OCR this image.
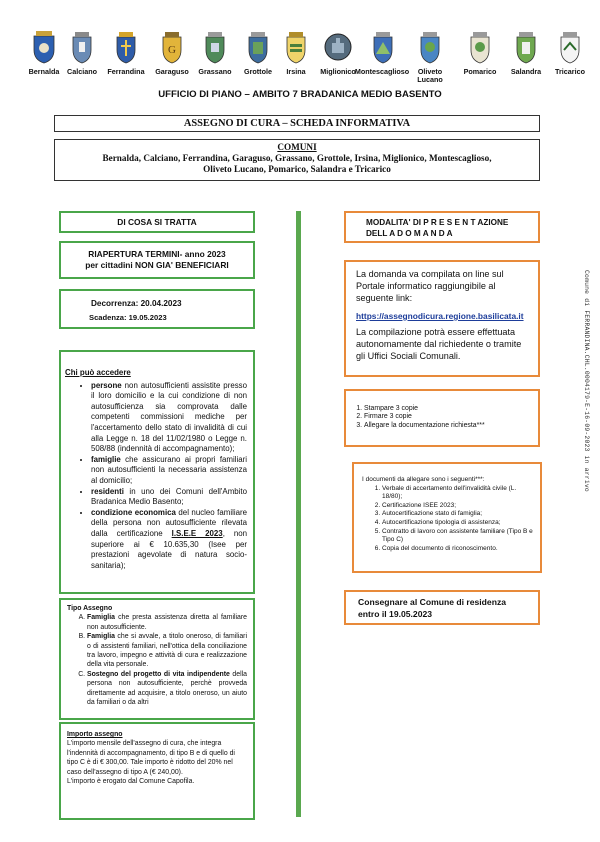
G
Bernalda	Calciano	Ferrandina	Garaguso	Grassano	Grottole	Irsina	Miglionico Montescaglioso	Oliveto Lucano
Pomarico	Salandra	Tricarico
UFFICIO DI PIANO – AMBITO 7 BRADANICA MEDIO BASENTO
ASSEGNO DI CURA – SCHEDA INFORMATIVA
COMUNI
Bernalda, Calciano, Ferrandina, Garaguso, Grassano, Grottole, Irsina, Miglionico, Montescaglioso,
Oliveto Lucano, Pomarico, Salandra e Tricarico
DI COSA SI TRATTA
RIAPERTURA TERMINI- anno 2023
per cittadini NON GIA' BENEFICIARI
Decorrenza: 20.04.2023
Scadenza: 19.05.2023
Chi può accedere
• persone non autosufficienti assistite presso il loro domicilio e la cui condizione di non autosufficienza sia comprovata dalle competenti commissioni mediche per l'accertamento dello stato di invalidità di cui alla Legge n. 18 del 11/02/1980 o Legge n. 508/88 (indennità di accompagnamento);
• famiglie che assicurano ai propri familiari non autosufficienti la necessaria assistenza al domicilio;
• residenti in uno dei Comuni dell'Ambito Bradanica Medio Basento;
• condizione economica del nucleo familiare della persona non autosufficiente rilevata dalla certificazione I.S.E.E 2023, non superiore ai € 10.635,30 (Isee per prestazioni agevolate di natura socio-sanitaria);
Tipo Assegno
A. Famiglia che presta assistenza diretta al familiare non autosufficiente.
B. Famiglia che si avvale, a titolo oneroso, di familiari o di assistenti familiari, nell'ottica della conciliazione tra lavoro, impegno e attività di cura e realizzazione della vita personale.
C. Sostegno del progetto di vita indipendente della persona non autosufficiente, perchè provveda direttamente ad acquisire, a titolo oneroso, un aiuto da familiari o da altri
Importo assegno
L'importo mensile dell'assegno di cura, che integra l'indennità di accompagnamento, di tipo B e di quello di tipo C è di € 300,00. Tale importo è ridotto del 20% nel caso dell'assegno di tipo A (€ 240,00).
L'importo è erogato dal Comune Capofila.
MODALITA' DI P R E S E N T AZIONE
DELL A D O M A N D A
La domanda va compilata on line sul Portale informatico raggiungibile al seguente link:
https://assegnodicura.regione.basilicata.it
La compilazione potrà essere effettuata autonomamente dal richiedente o tramite gli Uffici Sociali Comunali.
1. Stampare 3 copie
2. Firmare 3 copie
3. Allegare la documentazione richiesta***
I documenti da allegare sono i seguenti***:
1. Verbale di accertamento dell'invalidità civile (L. 18/80);
2. Certificazione ISEE 2023;
3. Autocertificazione stato di famiglia;
4. Autocertificazione tipologia di assistenza;
5. Contratto di lavoro con assistente familiare (Tipo B e Tipo C)
6. Copia del documento di riconoscimento.
Consegnare al Comune di residenza
entro il 19.05.2023
Comune di FERRANDINA.CHL.0004179-E-16-09-2023 in arrivo
